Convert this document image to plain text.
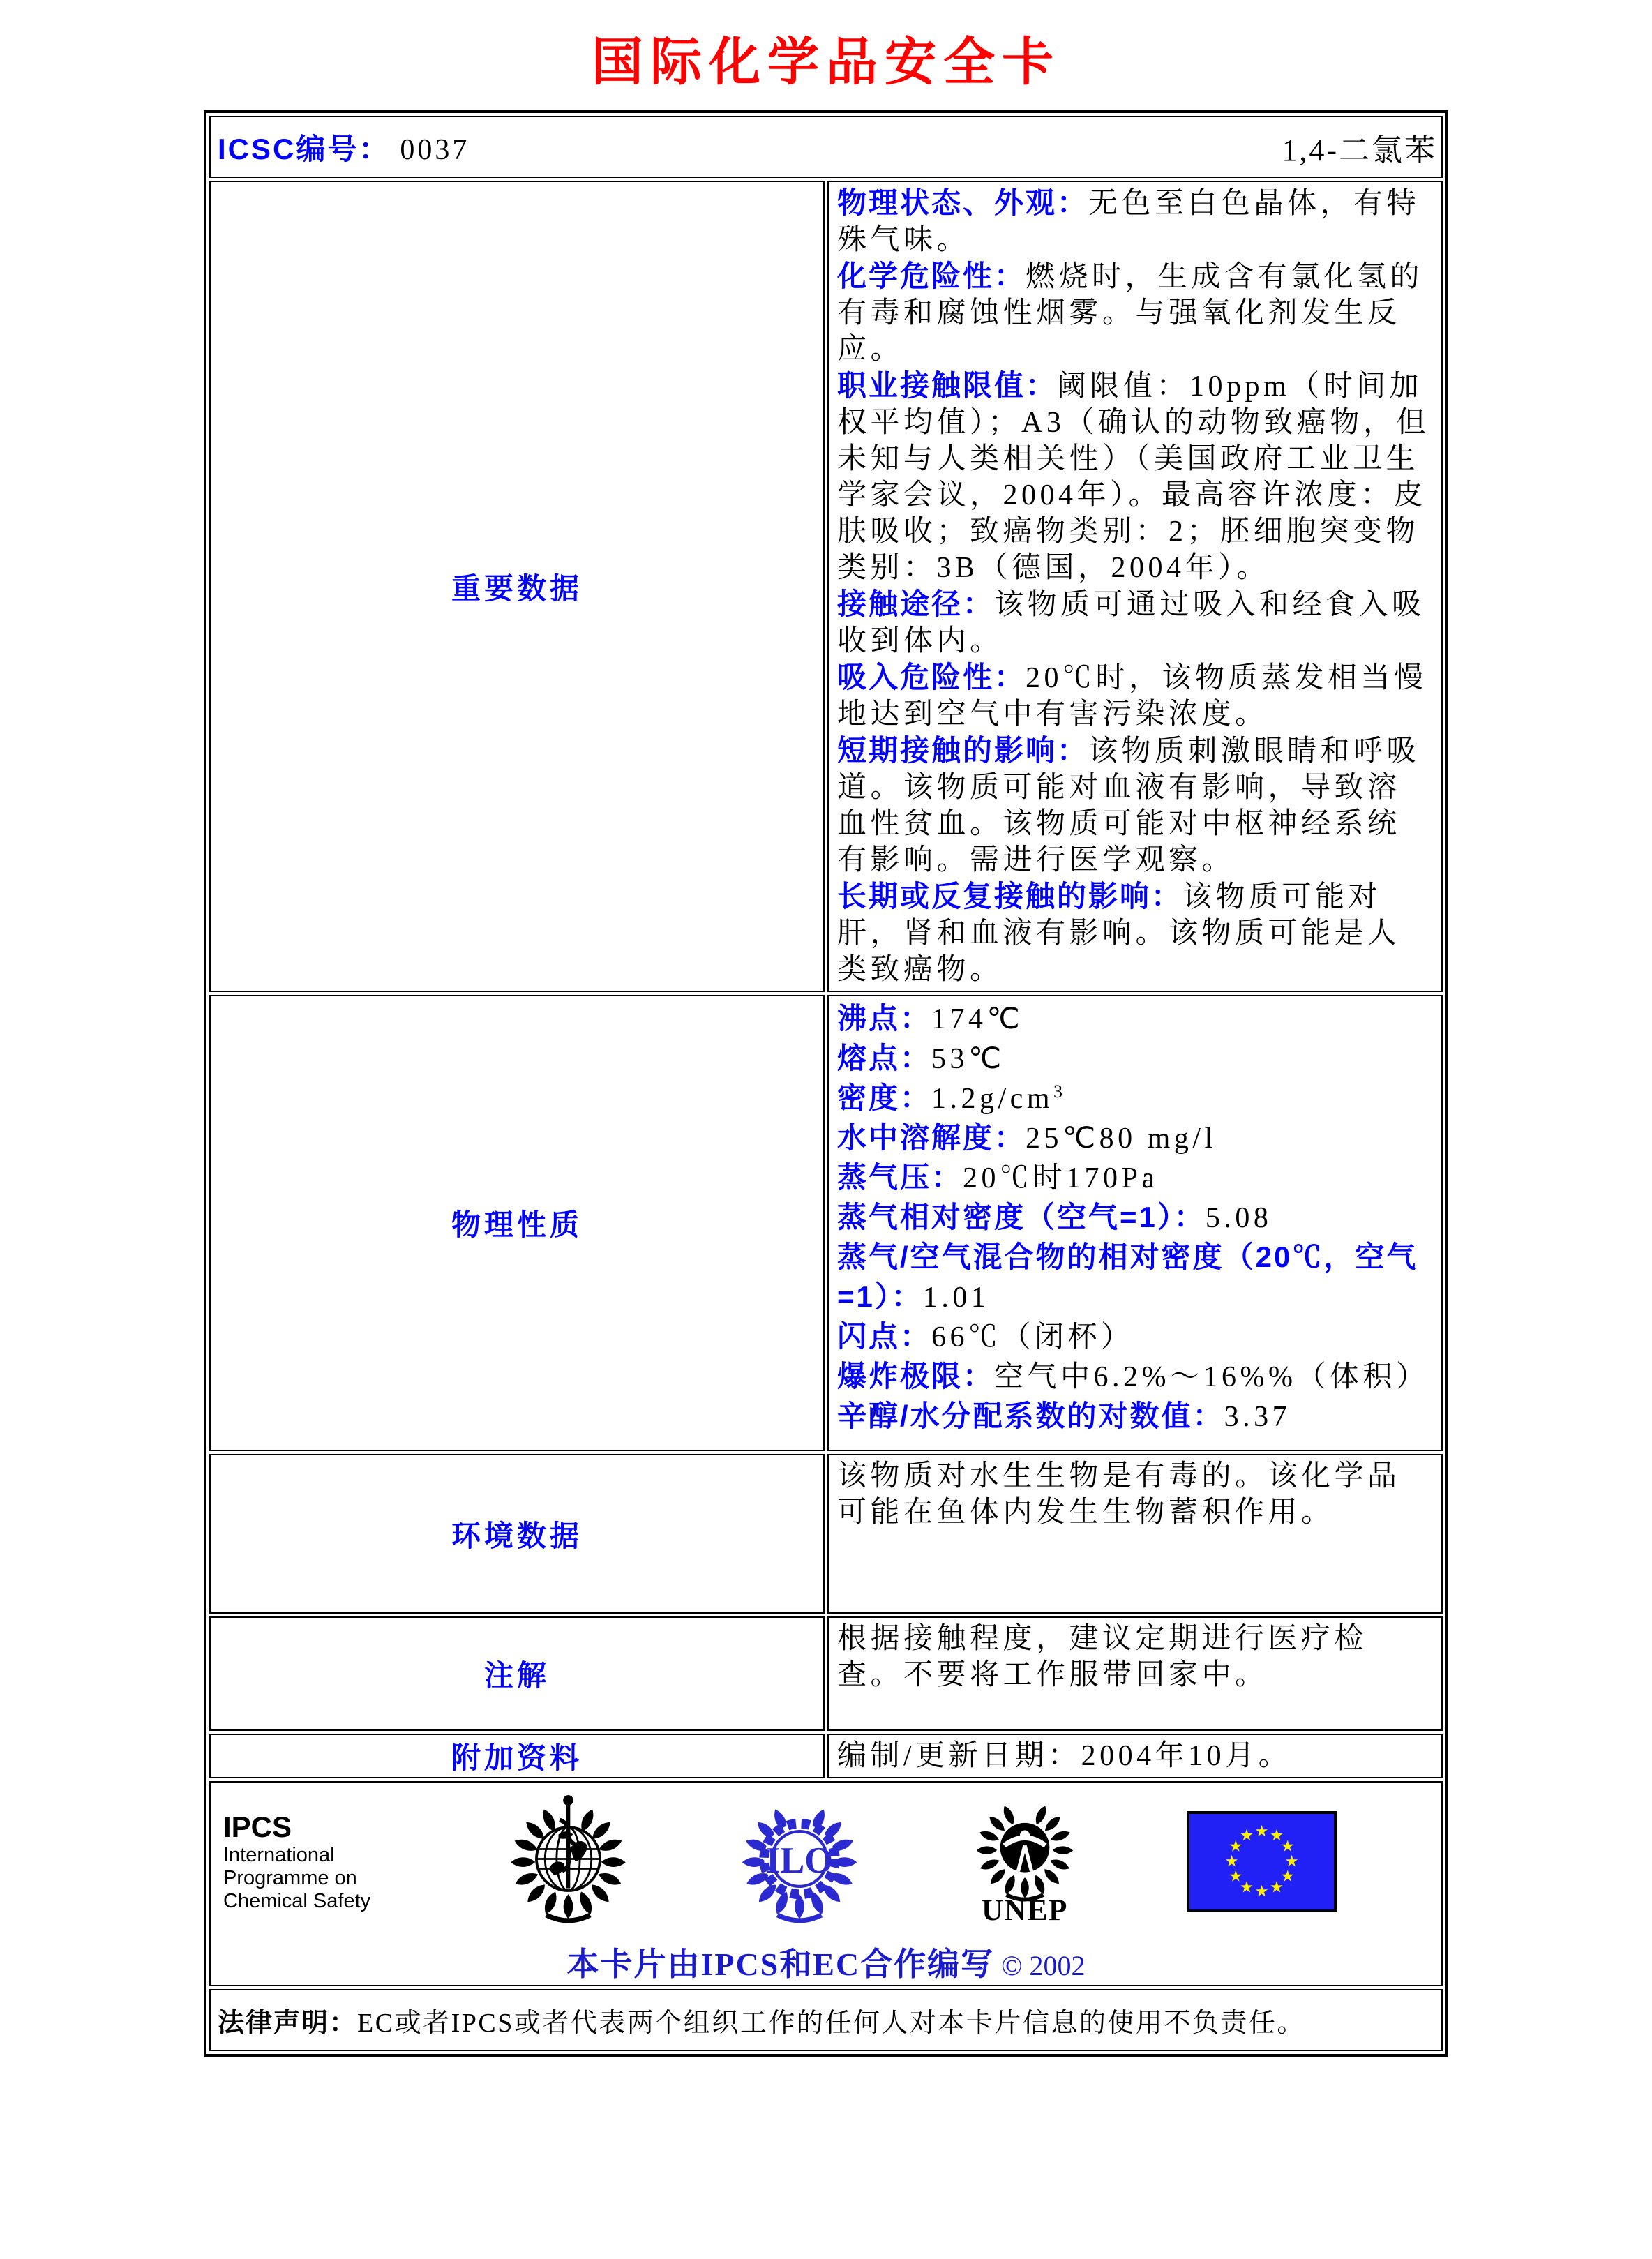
国际化学品安全卡
ICSC编号： 0037 1,4-二氯苯	

重要数据	
物理状态、外观：无色至白色晶体，有特殊气味。
化学危险性：燃烧时，生成含有氯化氢的有毒和腐蚀性烟雾。与强氧化剂发生反应。
职业接触限值：阈限值：10ppm（时间加权平均值）；A3（确认的动物致癌物，但未知与人类相关性）（美国政府工业卫生学家会议，2004年）。最高容许浓度：皮肤吸收；致癌物类别：2；胚细胞突变物类别：3B（德国，2004年）。
接触途径：该物质可通过吸入和经食入吸收到体内。
吸入危险性：20℃时，该物质蒸发相当慢地达到空气中有害污染浓度。
短期接触的影响：该物质刺激眼睛和呼吸道。该物质可能对血液有影响，导致溶血性贫血。该物质可能对中枢神经系统有影响。需进行医学观察。
长期或反复接触的影响：该物质可能对肝，肾和血液有影响。该物质可能是人类致癌物。

物理性质	
沸点：174℃
熔点：53℃
密度：$1.2g/cm^3$
水中溶解度：25℃80 mg/l
蒸气压：20℃时170Pa
蒸气相对密度（空气=1）：5.08
蒸气/空气混合物的相对密度（20℃，空气=1）：1.01
闪点：66℃（闭杯）
爆炸极限：空气中6.2%～16%%（体积）
辛醇/水分配系数的对数值：3.37

环境数据	该物质对水生生物是有毒的。该化学品可能在鱼体内发生生物蓄积作用。
注解	根据接触程度，建议定期进行医疗检查。不要将工作服带回家中。
附加资料	编制/更新日期：2004年10月。

IPCS
International
Programme on
Chemical Safety
ILO
UNEP
本卡片由IPCS和EC合作编写 © 2002

法律声明：EC或者IPCS或者代表两个组织工作的任何人对本卡片信息的使用不负责任。	
